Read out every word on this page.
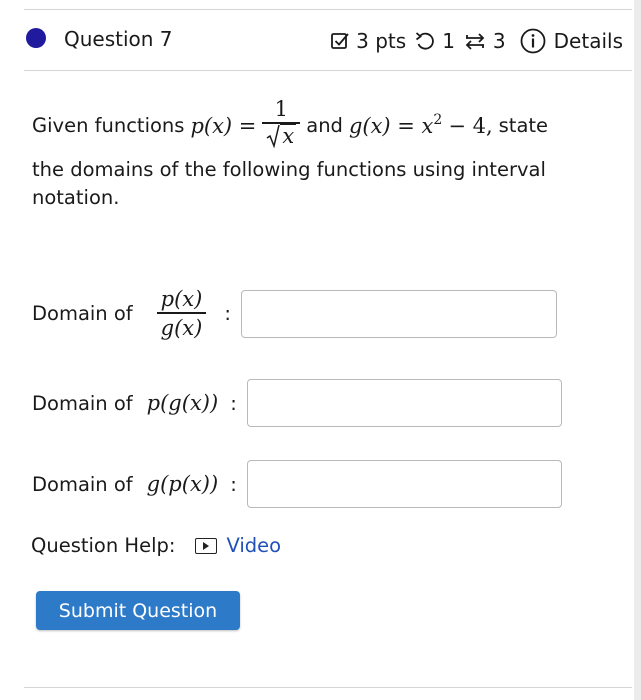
Question 7	3 pts 1 3 Details
Given functions $p(x) = \frac{1}{x}$ and $g(x) = x^2 - 4$, state
the domains of the following functions using interval notation.
Domain of $\frac{p(x)}{g(x)}$ :
Domain of p(g(x)) :
Domain of g(p(x)) :
Question Help:	Video
Submit Question
